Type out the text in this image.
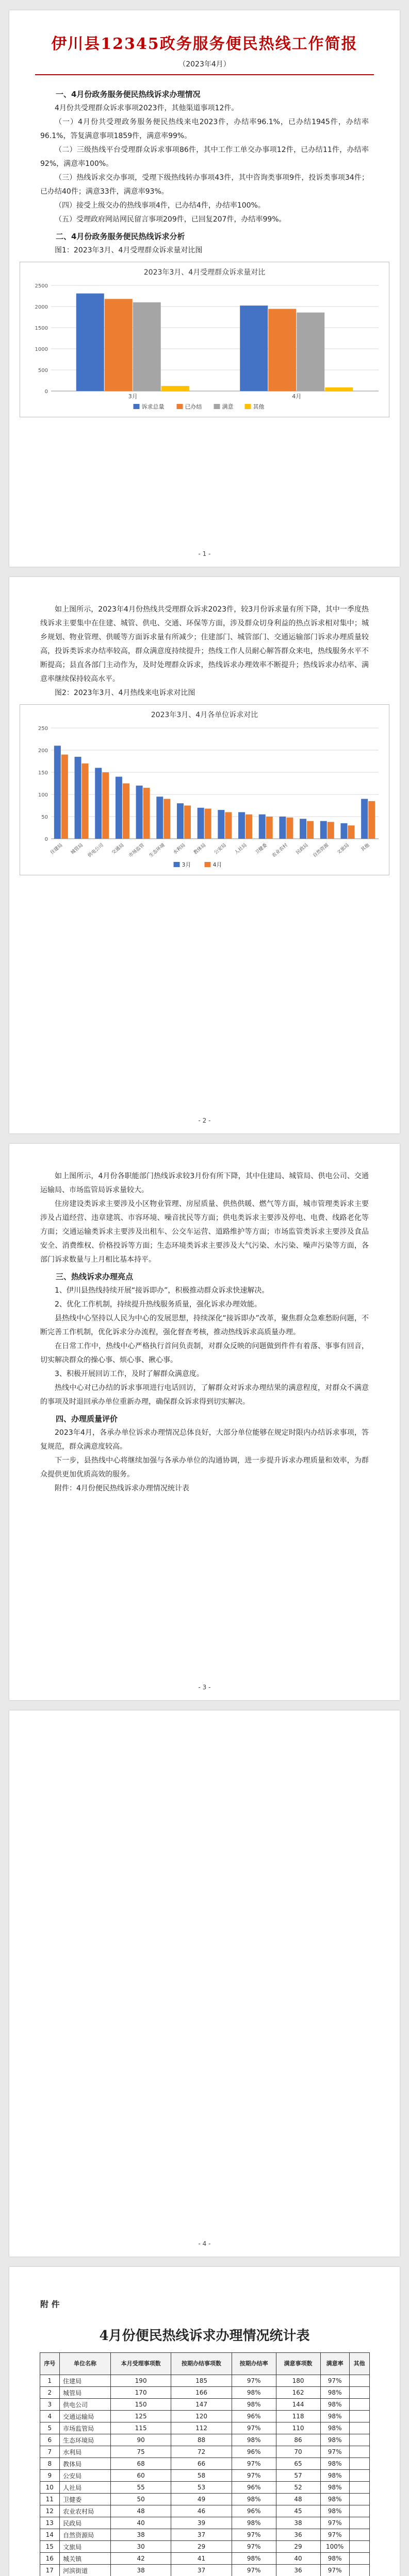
伊川县12345政务服务便民热线工作简报
（2023年4月）
一、4月份政务服务便民热线诉求办理情况

4月份共受理群众诉求事项2023件，其他渠道事项12件。

（一）4月份共受理政务服务便民热线来电2023件，办结率96.1%，已办结1945件，办结率96.1%，答复满意事项1859件，满意率99%。

（二）三级热线平台受理群众诉求事项86件，其中工作工单交办事项12件，已办结11件，办结率92%，满意率100%。

（三）热线诉求交办事项，受理下级热线转办事项43件，其中咨询类事项9件，投诉类事项34件；已办结40件；满意33件，满意率93%。

（四）接受上级交办的热线事项4件，已办结4件，办结率100%。

（五）受理政府网站网民留言事项209件，已回复207件，办结率99%。

二、4月份政务服务便民热线诉求分析

图1：2023年3月、4月受理群众诉求量对比图

2023年3月、4月受理群众诉求量对比
0
500
1000
1500
2000
2500
3月	4月
诉求总量	已办结	满意	其他
- 1 -

如上图所示，2023年4月份热线共受理群众诉求2023件，较3月份诉求量有所下降，其中一季度热线诉求主要集中在住建、城管、供电、交通、环保等方面，涉及群众切身利益的热点诉求相对集中；城乡规划、物业管理、供暖等方面诉求量有所减少；住建部门、城管部门、交通运输部门诉求办理质量较高，投诉类诉求办结率较高，群众满意度持续提升；热线工作人员耐心解答群众来电，热线服务水平不断提高；县直各部门主动作为，及时处理群众诉求，热线诉求办理效率不断提升；热线诉求办结率、满意率继续保持较高水平。

图2：2023年3月、4月热线来电诉求对比图

2023年3月、4月各单位诉求对比
0
50
100
150
200
250
住建局 城管局 供电公司 交通局 市场监管 生态环境 水利局 教体局 公安局 人社局 卫健委 农业农村 民政局 自然资源 文旅局 其他
3月	4月
- 2 -

如上图所示，4月份各职能部门热线诉求较3月份有所下降，其中住建局、城管局、供电公司、交通运输局、市场监管局诉求量较大。

住房建设类诉求主要涉及小区物业管理、房屋质量、供热供暖、燃气等方面，城市管理类诉求主要涉及占道经营、违章建筑、市容环境、噪音扰民等方面；供电类诉求主要涉及停电、电费、线路老化等方面；交通运输类诉求主要涉及出租车、公交车运营、道路维护等方面；市场监管类诉求主要涉及食品安全、消费维权、价格投诉等方面；生态环境类诉求主要涉及大气污染、水污染、噪声污染等方面，各部门诉求数量与上月相比基本持平。

三、热线诉求办理亮点

1、伊川县热线持续开展“接诉即办”，积极推动群众诉求快速解决。

2、优化工作机制，持续提升热线服务质量，强化诉求办理效能。

县热线中心坚持以人民为中心的发展思想，持续深化“接诉即办”改革，聚焦群众急难愁盼问题，不断完善工作机制，优化诉求分办流程，强化督查考核，推动热线诉求高质量办理。

在日常工作中，热线中心严格执行首问负责制，对群众反映的问题做到件件有着落、事事有回音，切实解决群众的操心事、烦心事、揪心事。

3、积极开展回访工作，及时了解群众满意度。

热线中心对已办结的诉求事项进行电话回访，了解群众对诉求办理结果的满意程度，对群众不满意的事项及时退回承办单位重新办理，确保群众诉求得到切实解决。

四、办理质量评价

2023年4月，各承办单位诉求办理情况总体良好，大部分单位能够在规定时限内办结诉求事项，答复规范，群众满意度较高。

下一步，县热线中心将继续加强与各承办单位的沟通协调，进一步提升诉求办理质量和效率，为群众提供更加优质高效的服务。

附件：4月份便民热线诉求办理情况统计表

- 3 -
- 4 -
附 件
4月份便民热线诉求办理情况统计表
序号	单位名称	本月受理事项数	按期办结事项数	按期办结率	满意事项数	满意率	其他
1	住建局	190	185	97%	180	97%	
2	城管局	170	166	98%	162	98%	
3	供电公司	150	147	98%	144	98%	
4	交通运输局	125	120	96%	118	98%	
5	市场监管局	115	112	97%	110	98%	
6	生态环境局	90	88	98%	86	98%	
7	水利局	75	72	96%	70	97%	
8	教体局	68	66	97%	65	98%	
9	公安局	60	58	97%	57	98%	
10	人社局	55	53	96%	52	98%	
11	卫健委	50	49	98%	48	98%	
12	农业农村局	48	46	96%	45	98%	
13	民政局	40	39	98%	38	97%	
14	自然资源局	38	37	97%	36	97%	
15	文旅局	30	29	97%	29	100%	
16	城关镇	42	41	98%	40	98%	
17	河滨街道	38	37	97%	36	97%	
